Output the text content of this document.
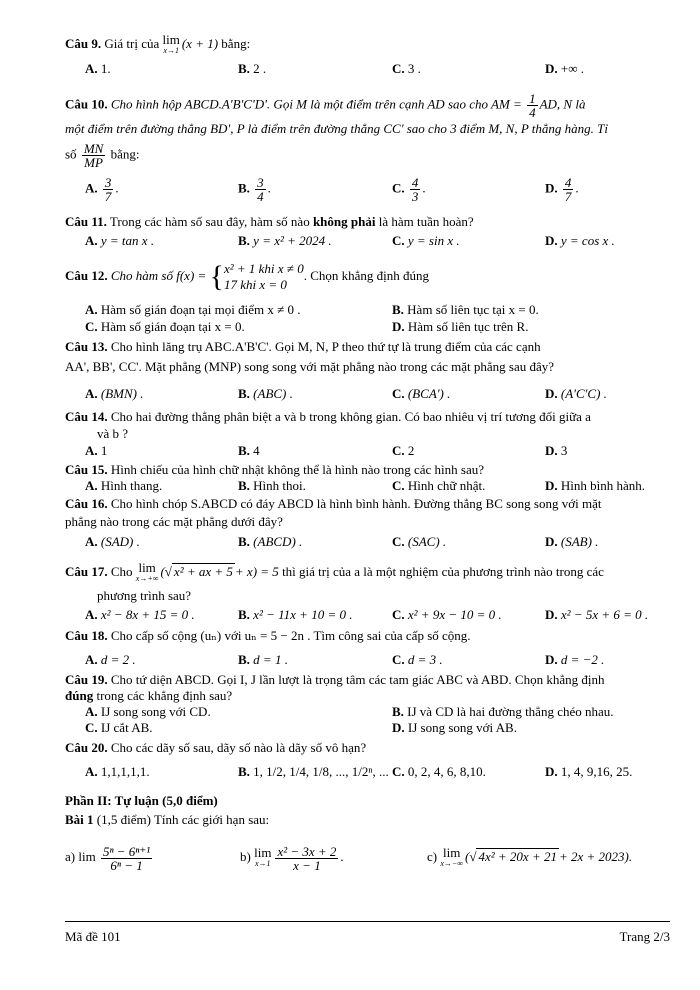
Câu 9. Giá trị của lim
x→1 (x + 1) bằng:
A. 1.	B. 2 .	C. 3 .	D. +∞ .
Câu 10. Cho hình hộp ABCD.A'B'C'D'. Gọi M là một điểm trên cạnh AD sao cho AM = $\frac{1}{4}$ AD, N là
một điểm trên đường thẳng BD', P là điểm trên đường thẳng CC' sao cho 3 điểm M, N, P thẳng hàng. Tỉ
số $\frac{MN}{MP}$ bằng:
A. $\frac{3}{7}$ .	B. $\frac{3}{4}$ .	C. $\frac{4}{3}$ .	D. $\frac{4}{7}$ .
Câu 11. Trong các hàm số sau đây, hàm số nào không phải là hàm tuần hoàn?
A. y = tan x .	B. y = x² + 2024 .	C. y = sin x .	D. y = cos x .
Câu 12. Cho hàm số f(x) = { x² + 1 khi x ≠ 0
17 khi x = 0
. Chọn khẳng định đúng
A. Hàm số gián đoạn tại mọi điểm x ≠ 0 .	B. Hàm số liên tục tại x = 0.
C. Hàm số gián đoạn tại x = 0.	D. Hàm số liên tục trên R.
Câu 13. Cho hình lăng trụ ABC.A'B'C'. Gọi M, N, P theo thứ tự là trung điểm của các cạnh
AA', BB', CC'. Mặt phẳng (MNP) song song với mặt phẳng nào trong các mặt phẳng sau đây?
A. (BMN) .	B. (ABC) .	C. (BCA') .	D. (A'C'C) .
Câu 14. Cho hai đường thẳng phân biệt a và b trong không gian. Có bao nhiêu vị trí tương đối giữa a
và b ?
A. 1	B. 4	C. 2	D. 3
Câu 15. Hình chiếu của hình chữ nhật không thể là hình nào trong các hình sau?
A. Hình thang.	B. Hình thoi.	C. Hình chữ nhật.	D. Hình bình hành.
Câu 16. Cho hình chóp S.ABCD có đáy ABCD là hình bình hành. Đường thẳng BC song song với mặt
phẳng nào trong các mặt phẳng dưới đây?
A. (SAD) .	B. (ABCD) .	C. (SAC) .	D. (SAB) .
Câu 17. Cho lim
x→+∞ (√ x² + ax + 5 + x) = 5 thì giá trị của a là một nghiệm của phương trình nào trong các
phương trình sau?
A. x² − 8x + 15 = 0 .	B. x² − 11x + 10 = 0 .	C. x² + 9x − 10 = 0 .	D. x² − 5x + 6 = 0 .
Câu 18. Cho cấp số cộng (uₙ) với uₙ = 5 − 2n . Tìm công sai của cấp số cộng.
A. d = 2 .	B. d = 1 .	C. d = 3 .	D. d = −2 .
Câu 19. Cho tứ diện ABCD. Gọi I, J lần lượt là trọng tâm các tam giác ABC và ABD. Chọn khẳng định
đúng trong các khẳng định sau?
A. IJ song song với CD.	B. IJ và CD là hai đường thẳng chéo nhau.
C. IJ cắt AB.	D. IJ song song với AB.
Câu 20. Cho các dãy số sau, dãy số nào là dãy số vô hạn?
A. 1,1,1,1,1.	B. 1, 1/2, 1/4, 1/8, ..., 1/2ⁿ, ... C. 0, 2, 4, 6, 8,10.	D. 1, 4, 9,16, 25.
Phần II: Tự luận (5,0 điểm)
Bài 1 (1,5 điểm) Tính các giới hạn sau:
a) $\lim \frac{\text{5ⁿ − 6ⁿ⁺¹}}{\text{6ⁿ − 1}}$	b) lim
$x\to 1 \frac{\text{x² − 3x + 2}}{x - 1}$ .	c) lim
x→−∞ (√ 4x² + 20x + 21 + 2x + 2023).
Mã đề 101	Trang 2/3
